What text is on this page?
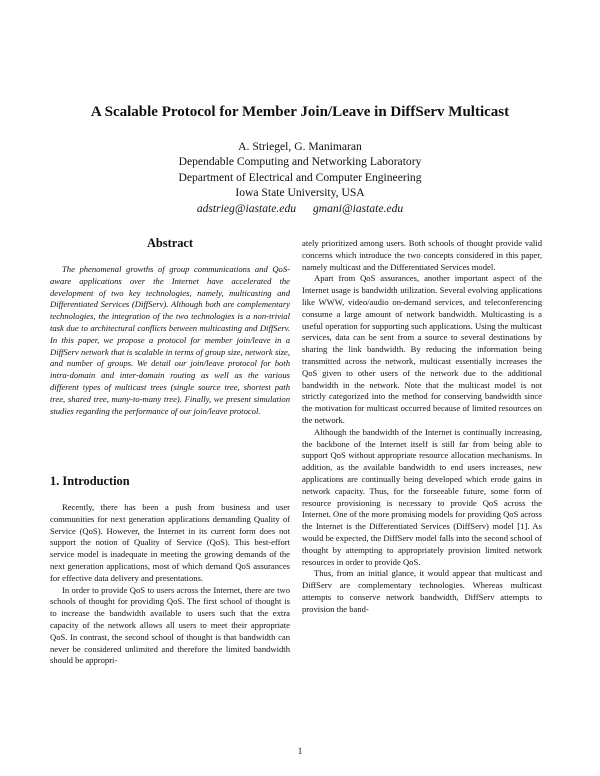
A Scalable Protocol for Member Join/Leave in DiffServ Multicast
A. Striegel, G. Manimaran
Dependable Computing and Networking Laboratory
Department of Electrical and Computer Engineering
Iowa State University, USA
adstrieg@iastate.edu gmani@iastate.edu
Abstract
The phenomenal growths of group communications and QoS-aware applications over the Internet have accelerated the development of two key technologies, namely, multicasting and Differentiated Services (DiffServ). Although both are complementary technologies, the integration of the two technologies is a non-trivial task due to architectural conflicts between multicasting and DiffServ. In this paper, we propose a protocol for member join/leave in a DiffServ network that is scalable in terms of group size, network size, and number of groups. We detail our join/leave protocol for both intra-domain and inter-domain routing as well as the various different types of multicast trees (single source tree, shortest path tree, shared tree, many-to-many tree). Finally, we present simulation studies regarding the performance of our join/leave protocol.
1. Introduction

Recently, there has been a push from business and user communities for next generation applications demanding Quality of Service (QoS). However, the Internet in its current form does not support the notion of Quality of Service (QoS). This best-effort service model is inadequate in meeting the growing demands of the next generation applications, most of which demand QoS assurances for effective data delivery and presentations.

In order to provide QoS to users across the Internet, there are two schools of thought for providing QoS. The first school of thought is to increase the bandwidth available to users such that the extra capacity of the network allows all users to meet their appropriate QoS. In contrast, the second school of thought is that bandwidth can never be considered unlimited and therefore the limited bandwidth should be appropri-

ately prioritized among users. Both schools of thought provide valid concerns which introduce the two concepts considered in this paper, namely multicast and the Differentiated Services model.

Apart from QoS assurances, another important aspect of the Internet usage is bandwidth utilization. Several evolving applications like WWW, video/audio on-demand services, and teleconferencing consume a large amount of network bandwidth. Multicasting is a useful operation for supporting such applications. Using the multicast services, data can be sent from a source to several destinations by sharing the link bandwidth. By reducing the information being transmitted across the network, multicast essentially increases the QoS given to other users of the network due to the additional bandwidth in the network. Note that the multicast model is not strictly categorized into the method for conserving bandwidth since the motivation for multicast occurred because of limited resources on the network.

Although the bandwidth of the Internet is continually increasing, the backbone of the Internet itself is still far from being able to support QoS without appropriate resource allocation mechanisms. In addition, as the available bandwidth to end users increases, new applications are continually being developed which erode gains in network capacity. Thus, for the forseeable future, some form of resource provisioning is necessary to provide QoS across the Internet. One of the more promising models for providing QoS across the Internet is the Differentiated Services (DiffServ) model [1]. As would be expected, the DiffServ model falls into the second school of thought by attempting to appropriately provision limited network resources in order to provide QoS.

Thus, from an initial glance, it would appear that multicast and DiffServ are complementary technologies. Whereas multicast attempts to conserve network bandwidth, DiffServ attempts to provision the band-

1
